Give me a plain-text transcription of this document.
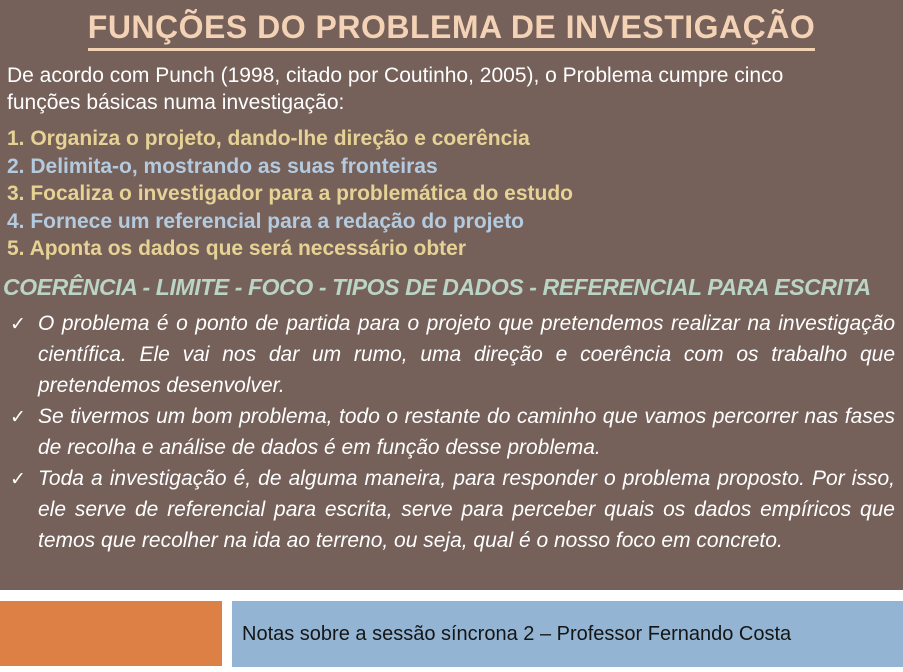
FUNÇÕES DO PROBLEMA DE INVESTIGAÇÃO

De acordo com Punch (1998, citado por Coutinho, 2005), o Problema cumpre cinco funções básicas numa investigação:

1. Organiza o projeto, dando-lhe direção e coerência
2. Delimita-o, mostrando as suas fronteiras
3. Focaliza o investigador para a problemática do estudo
4. Fornece um referencial para a redação do projeto
5. Aponta os dados que será necessário obter

COERÊNCIA - LIMITE - FOCO - TIPOS DE DADOS - REFERENCIAL PARA ESCRITA

✓ O problema é o ponto de partida para o projeto que pretendemos realizar na investigação científica. Ele vai nos dar um rumo, uma direção e coerência com os trabalho que pretendemos desenvolver.

✓ Se tivermos um bom problema, todo o restante do caminho que vamos percorrer nas fases de recolha e análise de dados é em função desse problema.

✓ Toda a investigação é, de alguma maneira, para responder o problema proposto. Por isso, ele serve de referencial para escrita, serve para perceber quais os dados empíricos que temos que recolher na ida ao terreno, ou seja, qual é o nosso foco em concreto.

Notas sobre a sessão síncrona 2 – Professor Fernando Costa
